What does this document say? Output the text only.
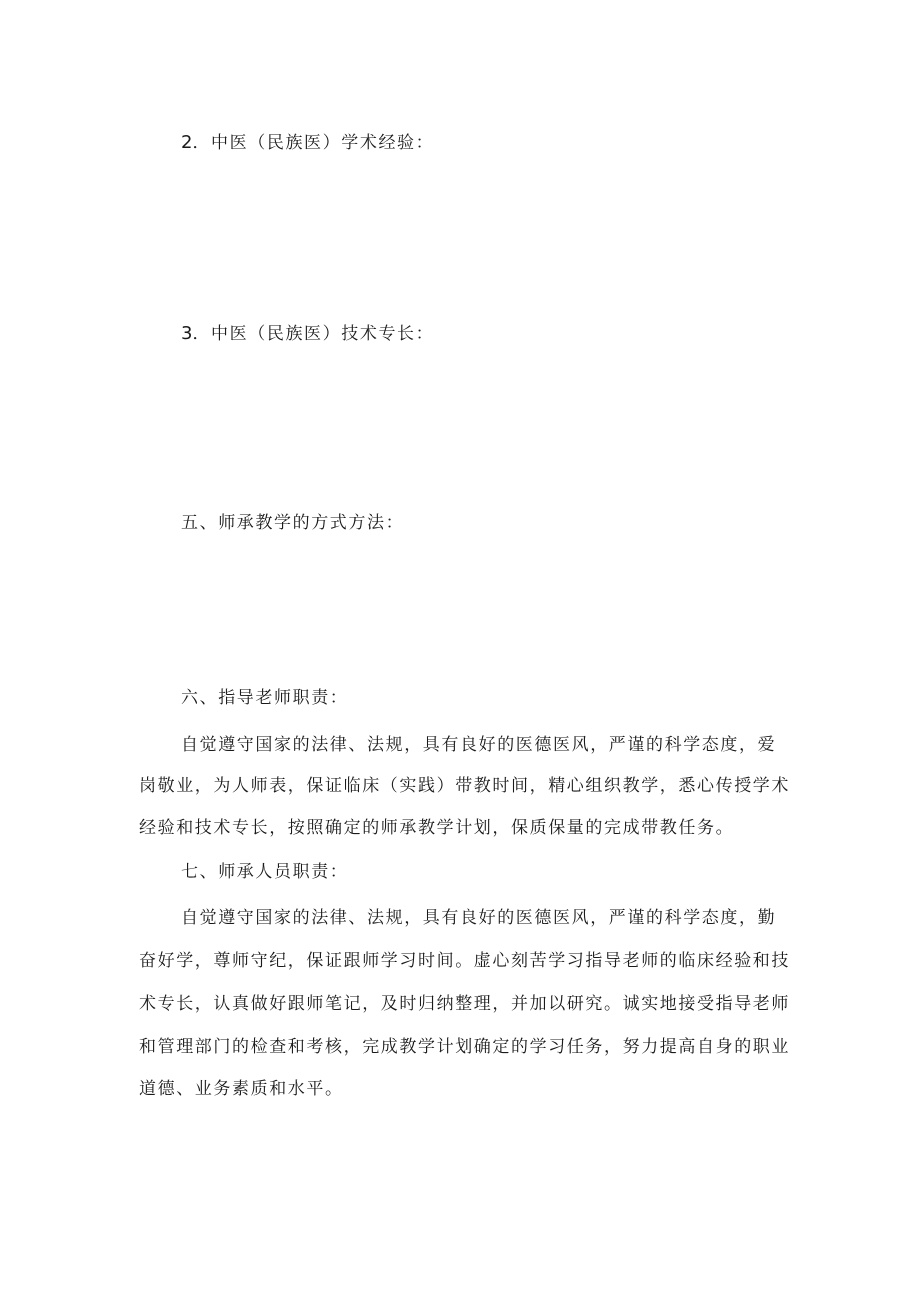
2．中医（民族医）学术经验：
3．中医（民族医）技术专长：
五、师承教学的方式方法：
六、指导老师职责：
自觉遵守国家的法律、法规，具有良好的医德医风，严谨的科学态度，爱
岗敬业，为人师表，保证临床（实践）带教时间，精心组织教学，悉心传授学术
经验和技术专长，按照确定的师承教学计划，保质保量的完成带教任务。
七、师承人员职责：
自觉遵守国家的法律、法规，具有良好的医德医风，严谨的科学态度，勤
奋好学，尊师守纪，保证跟师学习时间。虚心刻苦学习指导老师的临床经验和技
术专长，认真做好跟师笔记，及时归纳整理，并加以研究。诚实地接受指导老师
和管理部门的检查和考核，完成教学计划确定的学习任务，努力提高自身的职业
道德、业务素质和水平。
